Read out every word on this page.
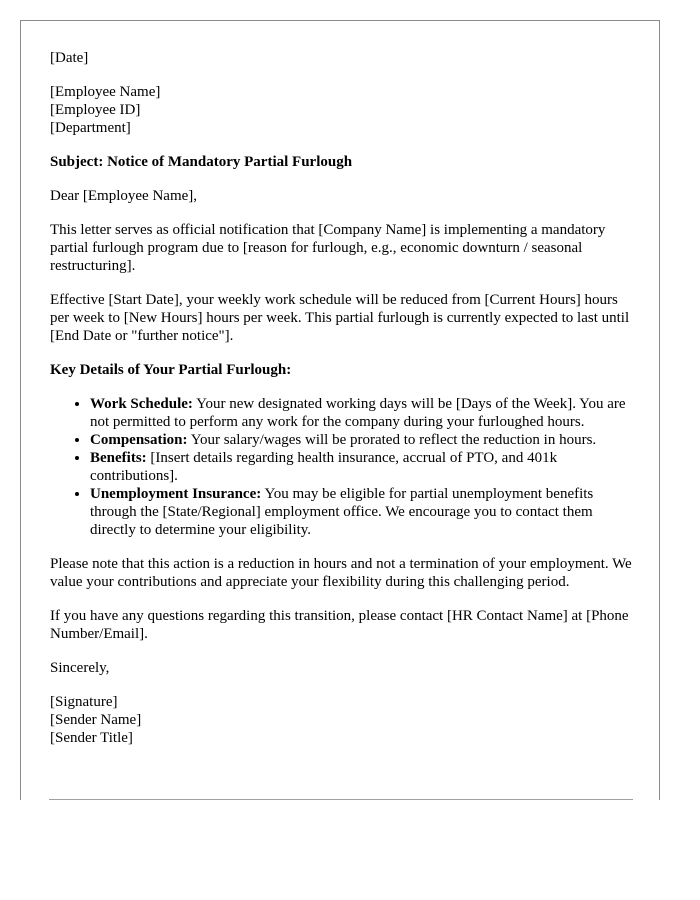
[Date]

[Employee Name]
[Employee ID]
[Department]

Subject: Notice of Mandatory Partial Furlough

Dear [Employee Name],

This letter serves as official notification that [Company Name] is implementing a mandatory partial furlough program due to [reason for furlough, e.g., economic downturn / seasonal restructuring].

Effective [Start Date], your weekly work schedule will be reduced from [Current Hours] hours per week to [New Hours] hours per week. This partial furlough is currently expected to last until [End Date or "further notice"].

Key Details of Your Partial Furlough:

• Work Schedule: Your new designated working days will be [Days of the Week]. You are not permitted to perform any work for the company during your furloughed hours.
• Compensation: Your salary/wages will be prorated to reflect the reduction in hours.
• Benefits: [Insert details regarding health insurance, accrual of PTO, and 401k contributions].
• Unemployment Insurance: You may be eligible for partial unemployment benefits through the [State/Regional] employment office. We encourage you to contact them directly to determine your eligibility.

Please note that this action is a reduction in hours and not a termination of your employment. We value your contributions and appreciate your flexibility during this challenging period.

If you have any questions regarding this transition, please contact [HR Contact Name] at [Phone Number/Email].

Sincerely,

[Signature]
[Sender Name]
[Sender Title]
